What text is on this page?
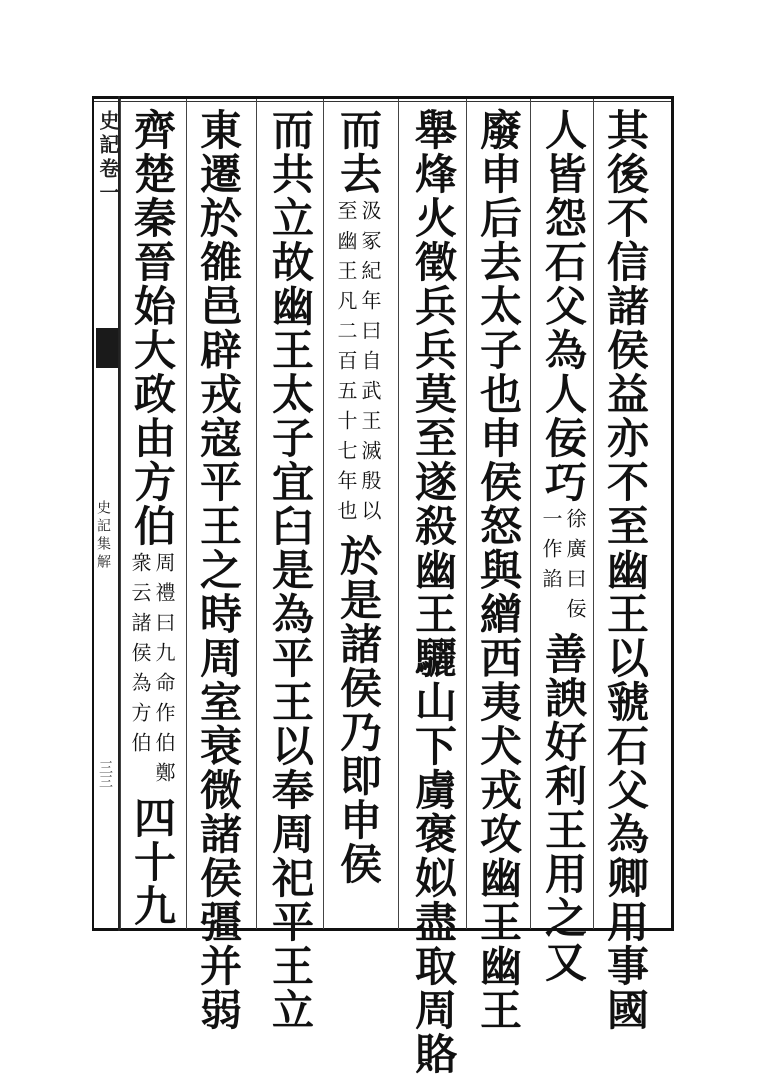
史記卷一
史記集解
三三	其後不信諸侯益亦不至幽王以虢石父為卿用事國
人皆怨石父為人佞巧
徐廣曰佞
一作諂
善諛好利王用之又
廢申后去太子也申侯怒與繒西夷犬戎攻幽王幽王
舉烽火徵兵兵莫至遂殺幽王驪山下虜褒姒盡取周賂
而去
汲冢紀年曰自武王滅殷以
至幽王凡二百五十七年也
於是諸侯乃即申侯
而共立故幽王太子宜臼是為平王以奉周祀平王立
東遷於雒邑辟戎寇平王之時周室衰微諸侯彊并弱
齊楚秦晉始大政由方伯
周禮曰九命作伯鄭
衆云諸侯為方伯
四十九
